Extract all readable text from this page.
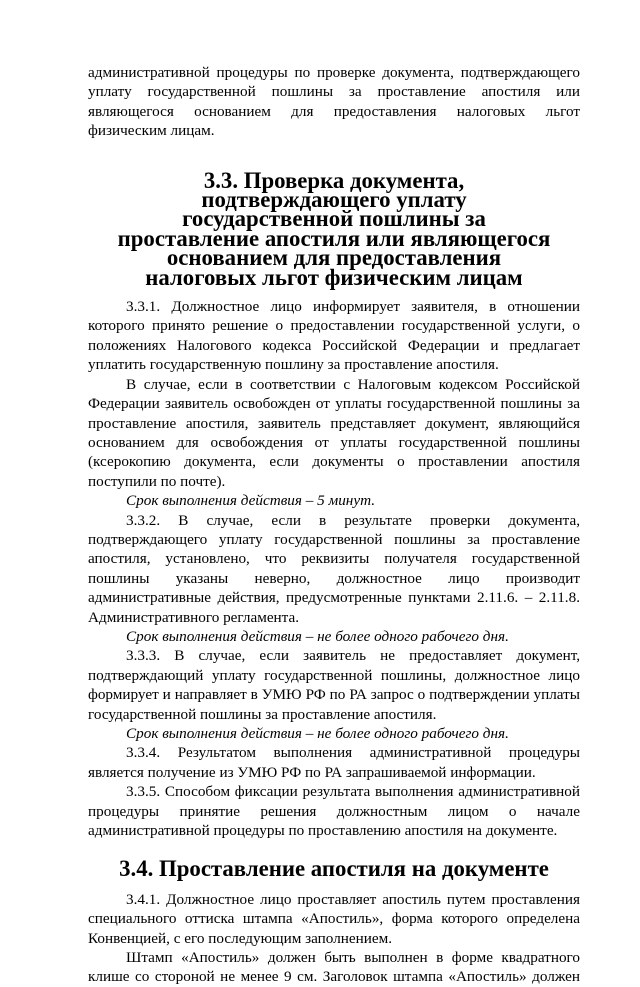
административной процедуры по проверке документа, подтверждающего уплату государственной пошлины за проставление апостиля или являющегося основанием для предоставления налоговых льгот физическим лицам.

3.3. Проверка документа, подтверждающего уплату государственной пошлины за проставление апостиля или являющегося основанием для предоставления налоговых льгот физическим лицам

3.3.1. Должностное лицо информирует заявителя, в отношении которого принято решение о предоставлении государственной услуги, о положениях Налогового кодекса Российской Федерации и предлагает уплатить государственную пошлину за проставление апостиля.

В случае, если в соответствии с Налоговым кодексом Российской Федерации заявитель освобожден от уплаты государственной пошлины за проставление апостиля, заявитель представляет документ, являющийся основанием для освобождения от уплаты государственной пошлины (ксерокопию документа, если документы о проставлении апостиля поступили по почте).

Срок выполнения действия – 5 минут.

3.3.2. В случае, если в результате проверки документа, подтверждающего уплату государственной пошлины за проставление апостиля, установлено, что реквизиты получателя государственной пошлины указаны неверно, должностное лицо производит административные действия, предусмотренные пунктами 2.11.6. – 2.11.8. Административного регламента.

Срок выполнения действия – не более одного рабочего дня.

3.3.3. В случае, если заявитель не предоставляет документ, подтверждающий уплату государственной пошлины, должностное лицо формирует и направляет в УМЮ РФ по РА запрос о подтверждении уплаты государственной пошлины за проставление апостиля.

Срок выполнения действия – не более одного рабочего дня.

3.3.4. Результатом выполнения административной процедуры является получение из УМЮ РФ по РА запрашиваемой информации.

3.3.5. Способом фиксации результата выполнения административной процедуры принятие решения должностным лицом о начале административной процедуры по проставлению апостиля на документе.

3.4. Проставление апостиля на документе

3.4.1. Должностное лицо проставляет апостиль путем проставления специального оттиска штампа «Апостиль», форма которого определена Конвенцией, с его последующим заполнением.

Штамп «Апостиль» должен быть выполнен в форме квадратного клише со стороной не менее 9 см. Заголовок штампа «Апостиль» должен
